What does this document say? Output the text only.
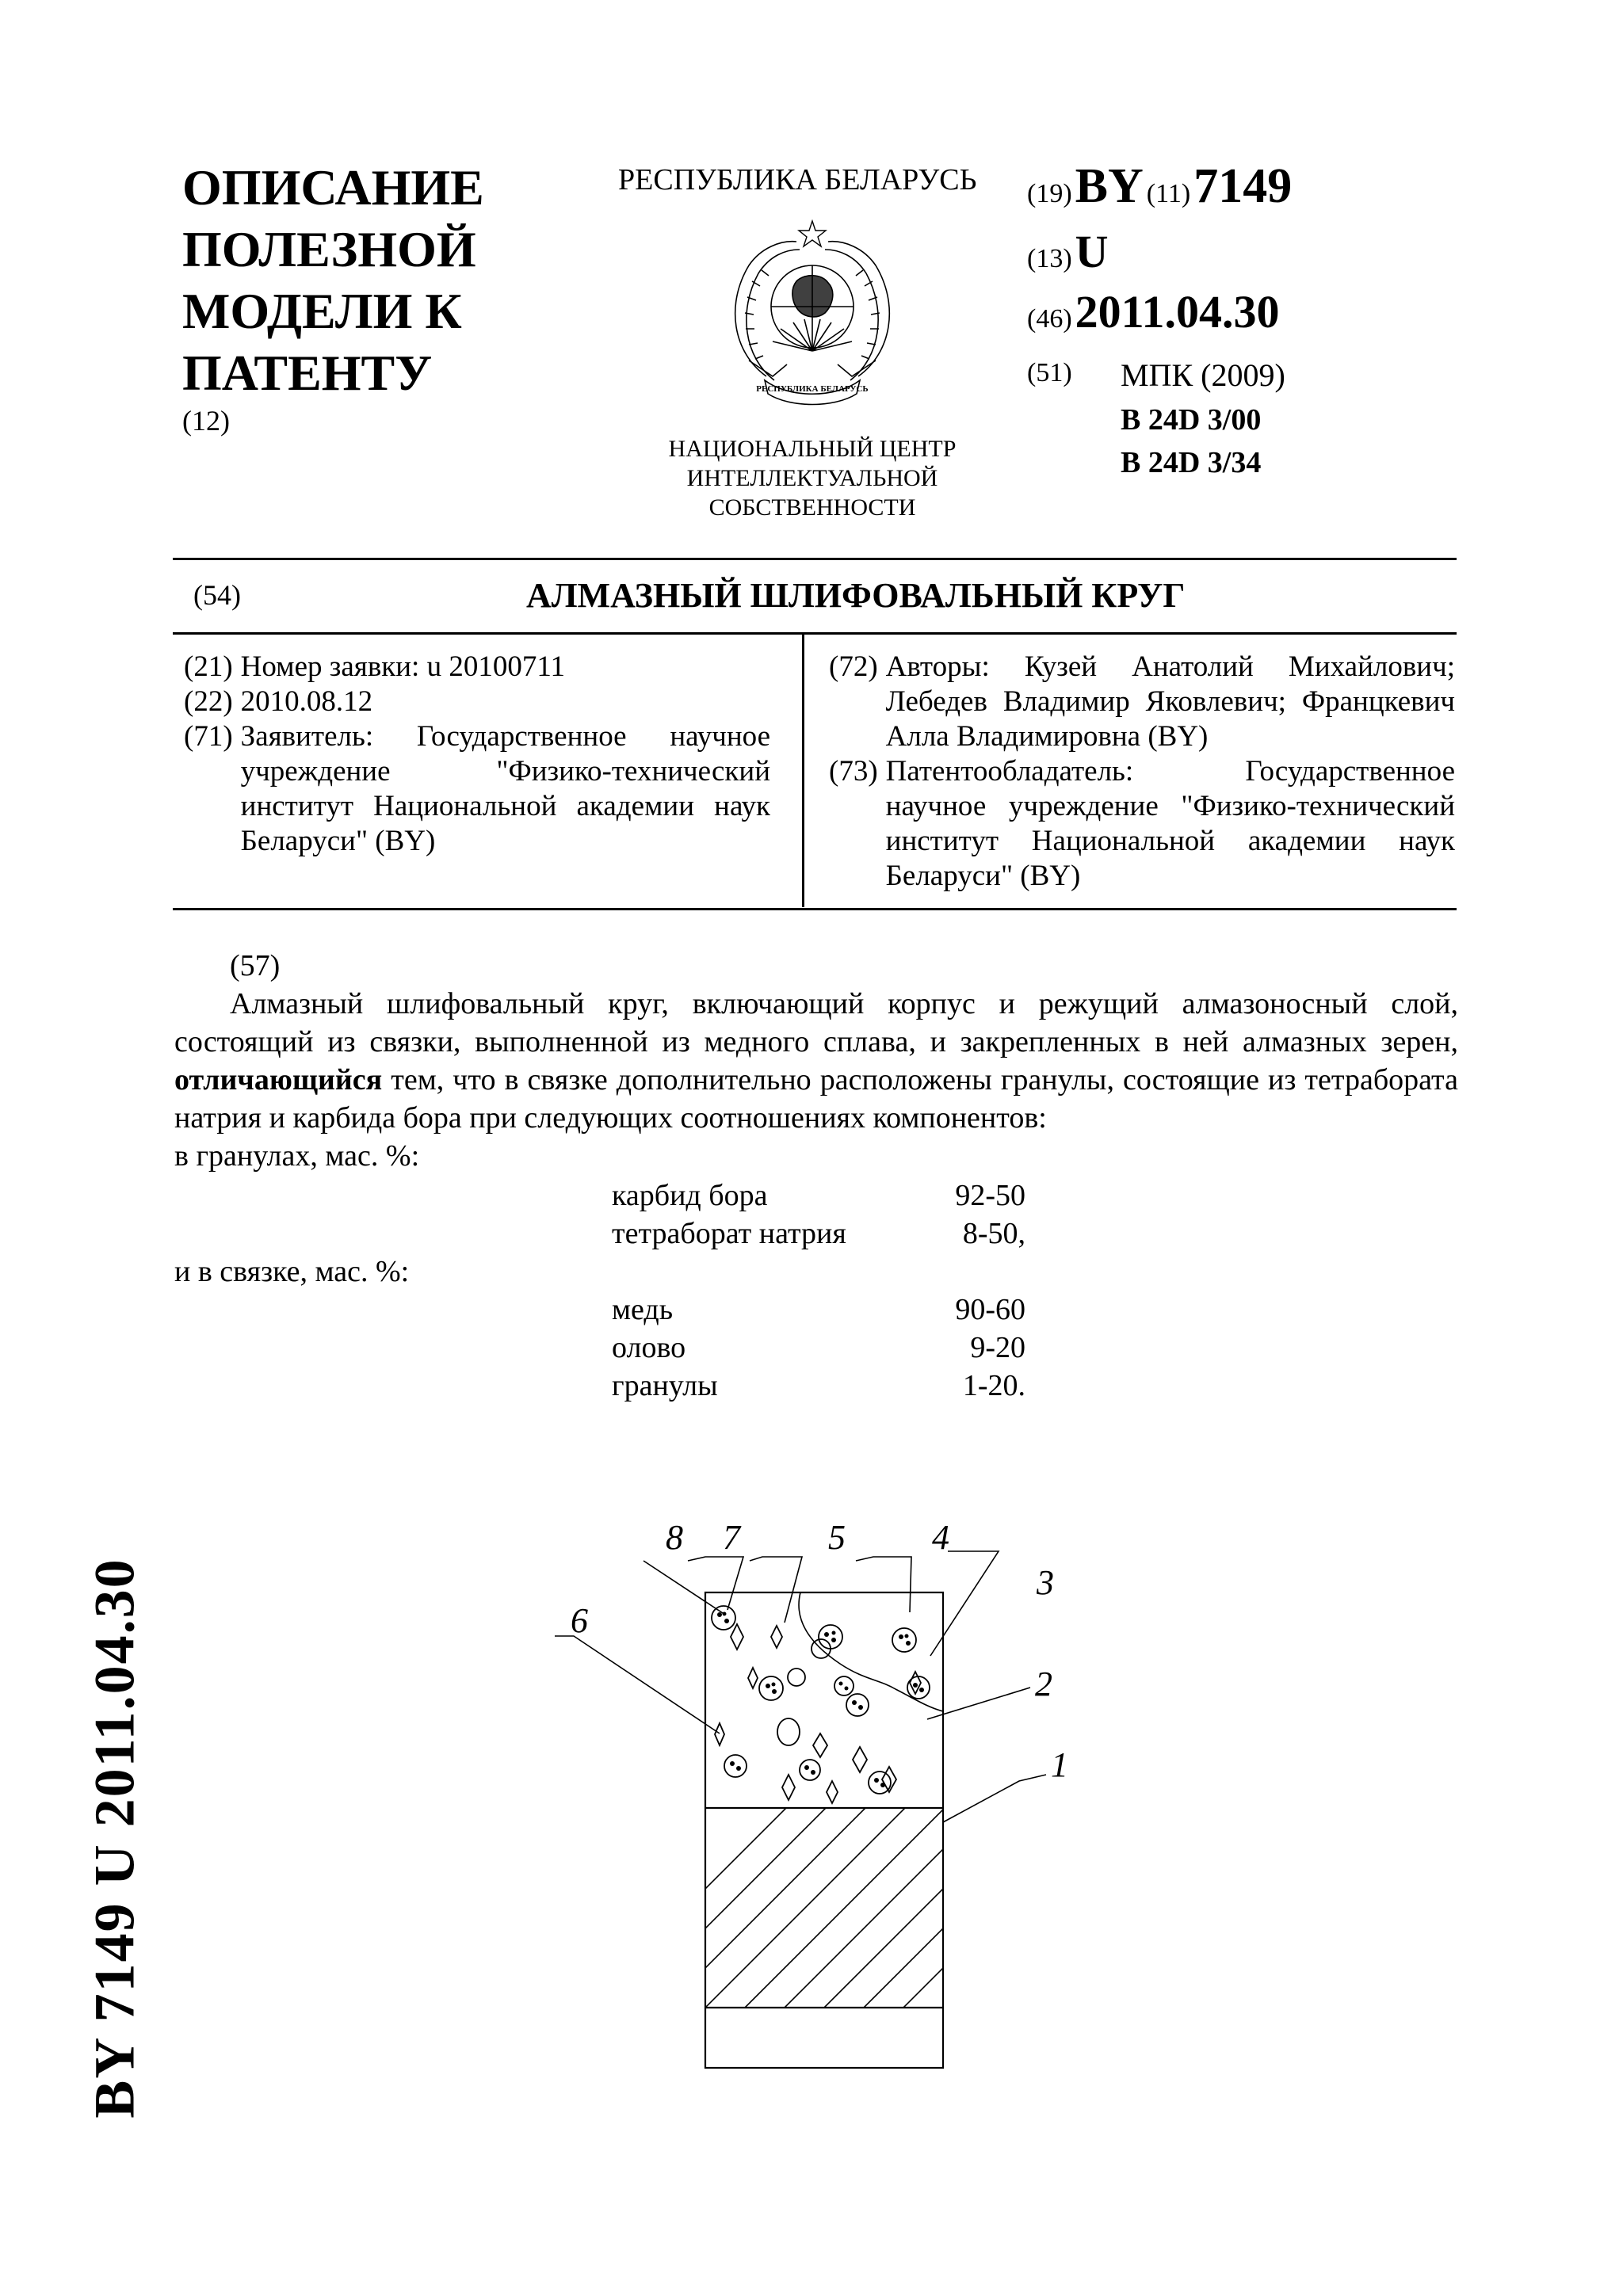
ОПИСАНИЕ
ПОЛЕЗНОЙ
МОДЕЛИ К
ПАТЕНТУ
(12)
РЕСПУБЛИКА БЕЛАРУСЬ
РЕСПУБЛИКА БЕЛАРУСЬ
НАЦИОНАЛЬНЫЙ ЦЕНТР
ИНТЕЛЛЕКТУАЛЬНОЙ
СОБСТВЕННОСТИ
(19) BY (11) 7149
(13) U
(46) 2011.04.30
(51) МПК (2009)
B 24D 3/00
B 24D 3/34
(54)	АЛМАЗНЫЙ ШЛИФОВАЛЬНЫЙ КРУГ
(21) Номер заявки: u 20100711
(22) 2010.08.12
(71) Заявитель: Государственное научное учреждение "Физико-технический институт Национальной академии наук Беларуси" (BY)
(72) Авторы: Кузей Анатолий Михайлович; Лебедев Владимир Яковлевич; Францкевич Алла Владимировна (BY)
(73) Патентообладатель: Государственное научное учреждение "Физико-технический институт Национальной академии наук Беларуси" (BY)
(57)

Алмазный шлифовальный круг, включающий корпус и режущий алмазоносный слой, состоящий из связки, выполненной из медного сплава, и закрепленных в ней алмазных зерен, отличающийся тем, что в связке дополнительно расположены гранулы, состоящие из тетрабората натрия и карбида бора при следующих соотношениях компонентов:

в гранулах, мас. %:

карбид бора	92-50
тетраборат натрия	8-50,
и в связке, мас. %:
медь	90-60
олово	9-20
гранулы	1-20.
BY 7149 U 2011.04.30
8 7	5 4
3
6
2
1
